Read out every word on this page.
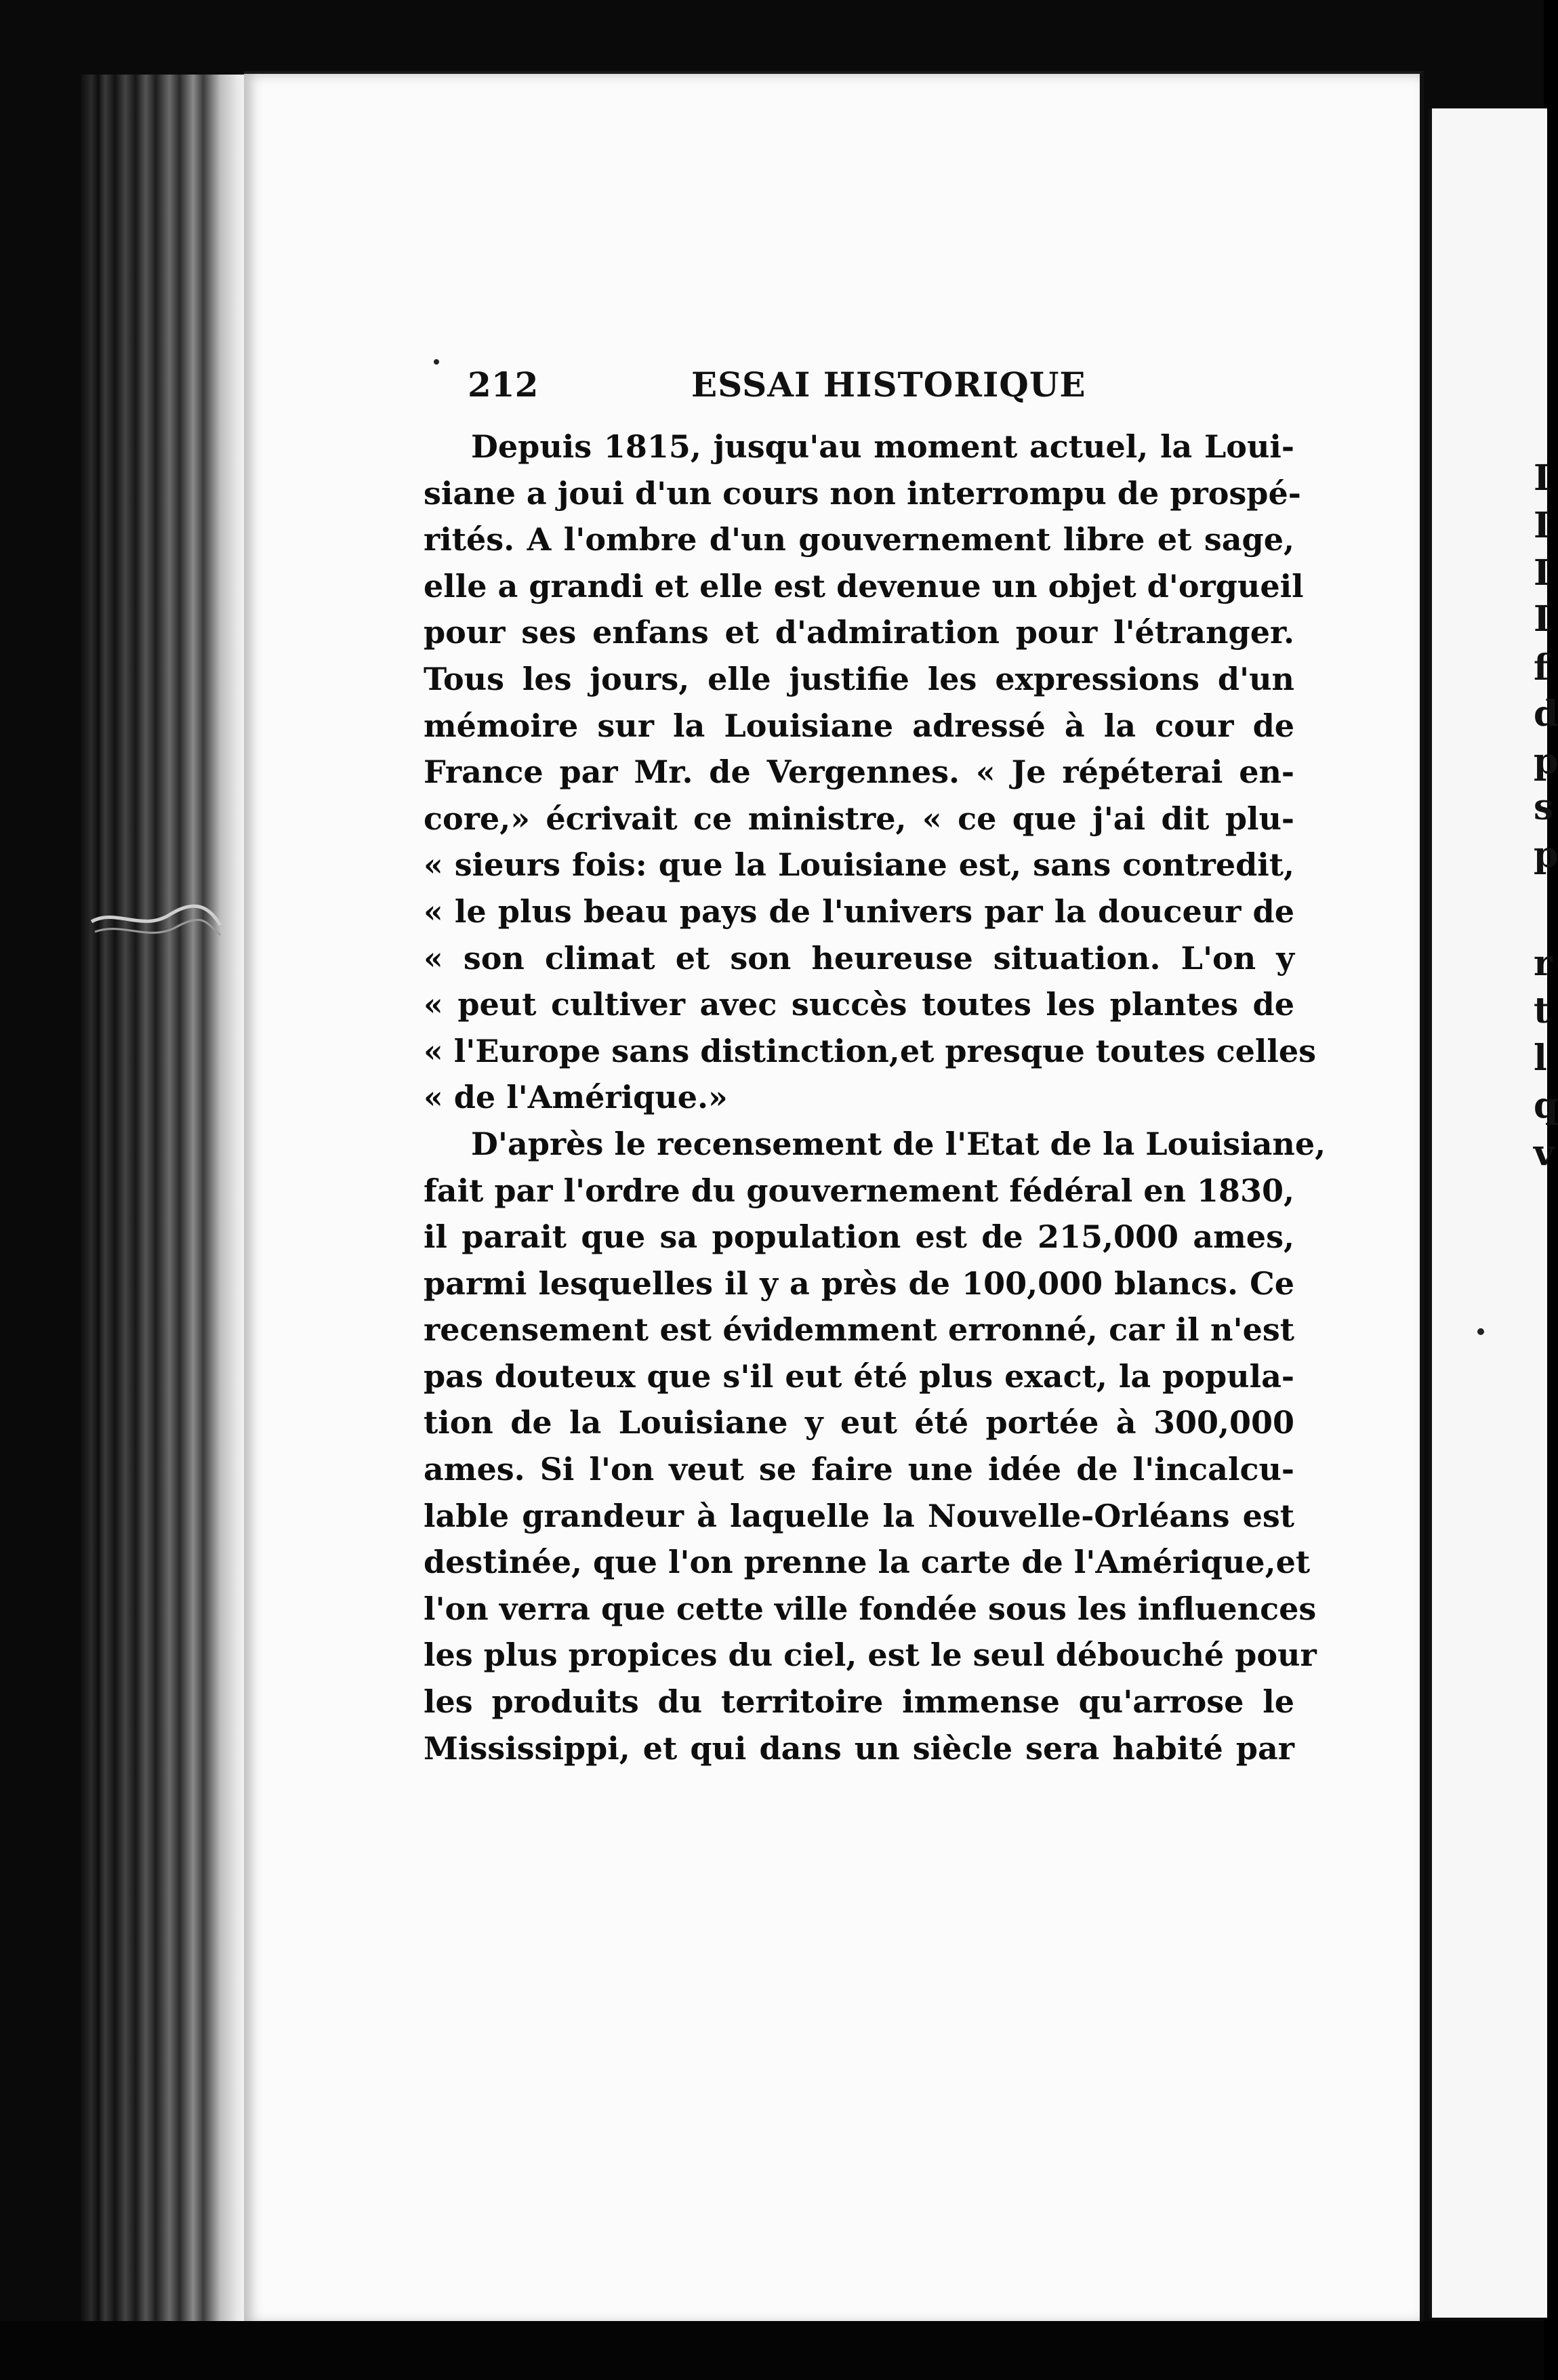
I
I
I
I
f
d
p
s
p
r
t
l
q
v
212	ESSAI HISTORIQUE
Depuis 1815, jusqu'au moment actuel, la Loui-
siane a joui d'un cours non interrompu de prospé-
rités. A l'ombre d'un gouvernement libre et sage,
elle a grandi et elle est devenue un objet d'orgueil
pour ses enfans et d'admiration pour l'étranger.
Tous les jours, elle justifie les expressions d'un
mémoire sur la Louisiane adressé à la cour de
France par Mr. de Vergennes. « Je répéterai en-
core,» écrivait ce ministre, « ce que j'ai dit plu-
« sieurs fois: que la Louisiane est, sans contredit,
« le plus beau pays de l'univers par la douceur de
« son climat et son heureuse situation. L'on y
« peut cultiver avec succès toutes les plantes de
« l'Europe sans distinction,et presque toutes celles
« de l'Amérique.»
D'après le recensement de l'Etat de la Louisiane,
fait par l'ordre du gouvernement fédéral en 1830,
il parait que sa population est de 215,000 ames,
parmi lesquelles il y a près de 100,000 blancs. Ce
recensement est évidemment erronné, car il n'est
pas douteux que s'il eut été plus exact, la popula-
tion de la Louisiane y eut été portée à 300,000
ames. Si l'on veut se faire une idée de l'incalcu-
lable grandeur à laquelle la Nouvelle-Orléans est
destinée, que l'on prenne la carte de l'Amérique,et
l'on verra que cette ville fondée sous les influences
les plus propices du ciel, est le seul débouché pour
les produits du territoire immense qu'arrose le
Mississippi, et qui dans un siècle sera habité par
